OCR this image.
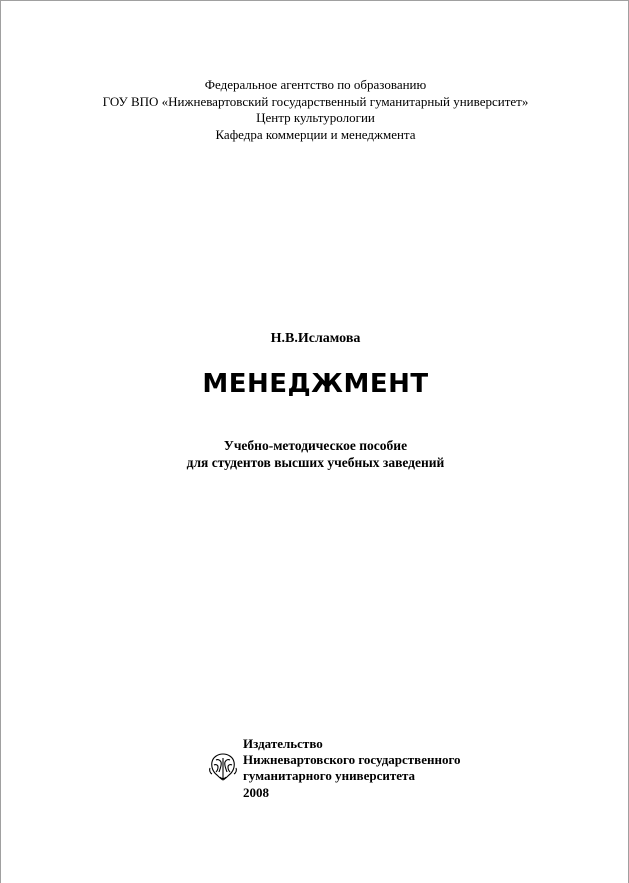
Федеральное агентство по образованию
ГОУ ВПО «Нижневартовский государственный гуманитарный университет»
Центр культурологии
Кафедра коммерции и менеджмента
Н.В.Исламова
МЕНЕДЖМЕНТ
Учебно-методическое пособие
для студентов высших учебных заведений
Издательство
Нижневартовского государственного
гуманитарного университета
2008
